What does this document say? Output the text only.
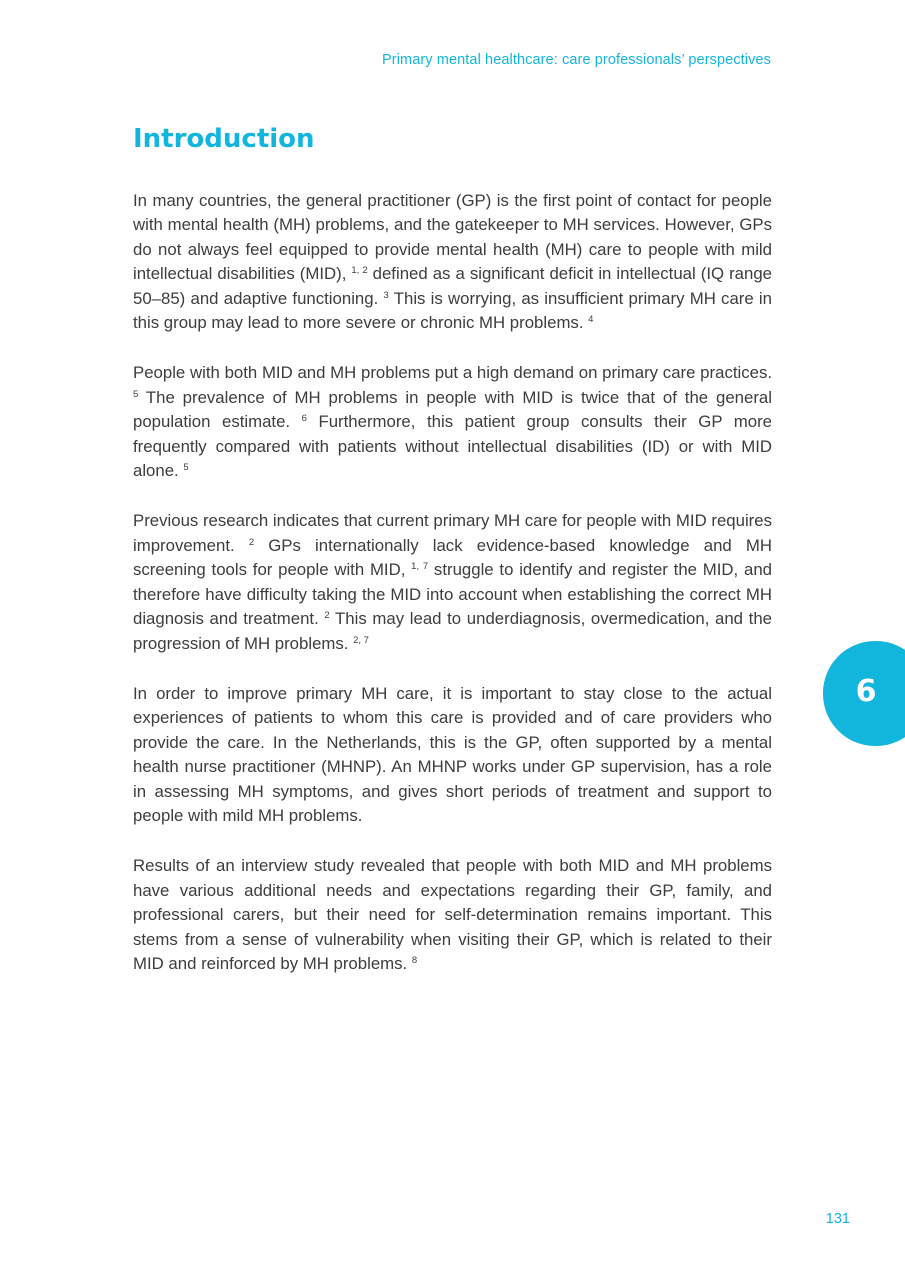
Primary mental healthcare: care professionals’ perspectives
Introduction

In many countries, the general practitioner (GP) is the first point of contact for people with mental health (MH) problems, and the gatekeeper to MH services. However, GPs do not always feel equipped to provide mental health (MH) care to people with mild intellectual disabilities (MID), $^{1, 2}$ defined as a significant deficit in intellectual (IQ range 50–85) and adaptive functioning. $^3$ This is worrying, as insufficient primary MH care in this group may lead to more severe or chronic MH problems. $^4$

People with both MID and MH problems put a high demand on primary care practices. $^5$ The prevalence of MH problems in people with MID is twice that of the general population estimate. $^6$ Furthermore, this patient group consults their GP more frequently compared with patients without intellectual disabilities (ID) or with MID alone. $^5$

Previous research indicates that current primary MH care for people with MID requires improvement. $^2$ GPs internationally lack evidence-based knowledge and MH screening tools for people with MID, $^{1, 7}$ struggle to identify and register the MID, and therefore have difficulty taking the MID into account when establishing the correct MH diagnosis and treatment. $^2$ This may lead to underdiagnosis, overmedication, and the progression of MH problems. $^{2, 7}$

In order to improve primary MH care, it is important to stay close to the actual experiences of patients to whom this care is provided and of care providers who provide the care. In the Netherlands, this is the GP, often supported by a mental health nurse practitioner (MHNP). An MHNP works under GP supervision, has a role in assessing MH symptoms, and gives short periods of treatment and support to people with mild MH problems.

Results of an interview study revealed that people with both MID and MH problems have various additional needs and expectations regarding their GP, family, and professional carers, but their need for self-determination remains important. This stems from a sense of vulnerability when visiting their GP, which is related to their MID and reinforced by MH problems. $^8$

6
131
